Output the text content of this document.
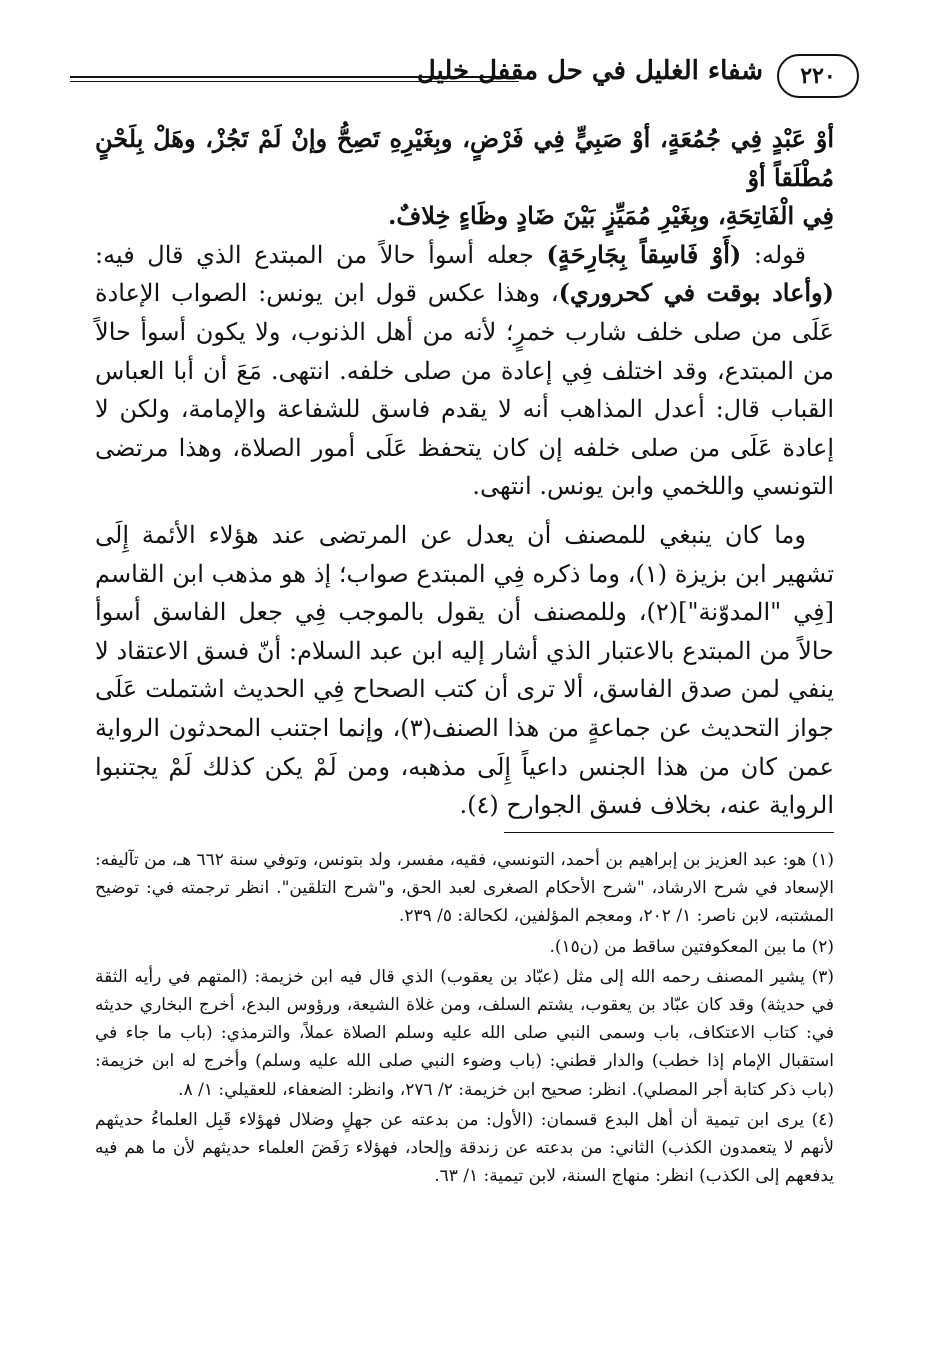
٢٢٠
شفاء الغليل في حل مقفل خليل

أوْ عَبْدٍ فِي جُمُعَةٍ، أوْ صَبِيٍّ فِي فَرْضٍ، وبِغَيْرِهِ تَصِحُّ وإنْ لَمْ تَجُزْ، وهَلْ بِلَحْنٍ مُطْلَقاً أوْ

فِي الْفَاتِحَةِ، وبِغَيْرِ مُمَيِّزٍ بَيْنَ ضَادٍ وظَاءٍ خِلافٌ.

قوله: (أَوْ فَاسِقاً بِجَارِحَةٍ) جعله أسوأ حالاً من المبتدع الذي قال فيه: (وأعاد بوقت في كحروري)، وهذا عكس قول ابن يونس: الصواب الإعادة عَلَى من صلى خلف شارب خمرٍ؛ لأنه من أهل الذنوب، ولا يكون أسوأ حالاً من المبتدع، وقد اختلف فِي إعادة من صلى خلفه. انتهى. مَعَ أن أبا العباس القباب قال: أعدل المذاهب أنه لا يقدم فاسق للشفاعة والإمامة، ولكن لا إعادة عَلَى من صلى خلفه إن كان يتحفظ عَلَى أمور الصلاة، وهذا مرتضى التونسي واللخمي وابن يونس. انتهى.

وما كان ينبغي للمصنف أن يعدل عن المرتضى عند هؤلاء الأئمة إِلَى تشهير ابن بزيزة (١)، وما ذكره فِي المبتدع صواب؛ إذ هو مذهب ابن القاسم [فِي "المدوّنة"](٢)، وللمصنف أن يقول بالموجب فِي جعل الفاسق أسوأ حالاً من المبتدع بالاعتبار الذي أشار إليه ابن عبد السلام: أنّ فسق الاعتقاد لا ينفي لمن صدق الفاسق، ألا ترى أن كتب الصحاح فِي الحديث اشتملت عَلَى جواز التحديث عن جماعةٍ من هذا الصنف(٣)، وإنما اجتنب المحدثون الرواية عمن كان من هذا الجنس داعياً إِلَى مذهبه، ومن لَمْ يكن كذلك لَمْ يجتنبوا الرواية عنه، بخلاف فسق الجوارح (٤).

(١) هو: عبد العزيز بن إبراهيم بن أحمد، التونسي، فقيه، مفسر، ولد بتونس، وتوفي سنة ٦٦٢ هـ، من تآليفه: الإسعاد في شرح الارشاد، "شرح الأحكام الصغرى لعبد الحق، و"شرح التلقين". انظر ترجمته في: توضيح المشتبه، لابن ناصر: ١/ ٢٠٢، ومعجم المؤلفين، لكحالة: ٥/ ٢٣٩.

(٢) ما بين المعكوفتين ساقط من (ن١٥).

(٣) يشير المصنف رحمه الله إلى مثل (عبّاد بن يعقوب) الذي قال فيه ابن خزيمة: (المتهم في رأيه الثقة في حديثة) وقد كان عبّاد بن يعقوب، يشتم السلف، ومن غلاة الشيعة، ورؤوس البدع، أخرج البخاري حديثه في: كتاب الاعتكاف، باب وسمى النبي صلى الله عليه وسلم الصلاة عملاً، والترمذي: (باب ما جاء في استقبال الإمام إذا خطب) والدار قطني: (باب وضوء النبي صلى الله عليه وسلم) وأخرج له ابن خزيمة: (باب ذكر كتابة أجر المصلي). انظر: صحيح ابن خزيمة: ٢/ ٢٧٦، وانظر: الضعفاء، للعقيلي: ١/ ٨.

(٤) يرى ابن تيمية أن أهل البدع قسمان: (الأول: من بدعته عن جهلٍ وضلال فهؤلاء قَبِل العلماءُ حديثهم لأنهم لا يتعمدون الكذب) الثاني: من بدعته عن زندقة وإلحاد، فهؤلاء رَفَضَ العلماء حديثهم لأن ما هم فيه يدفعهم إلى الكذب) انظر: منهاج السنة، لابن تيمية: ١/ ٦٣.
